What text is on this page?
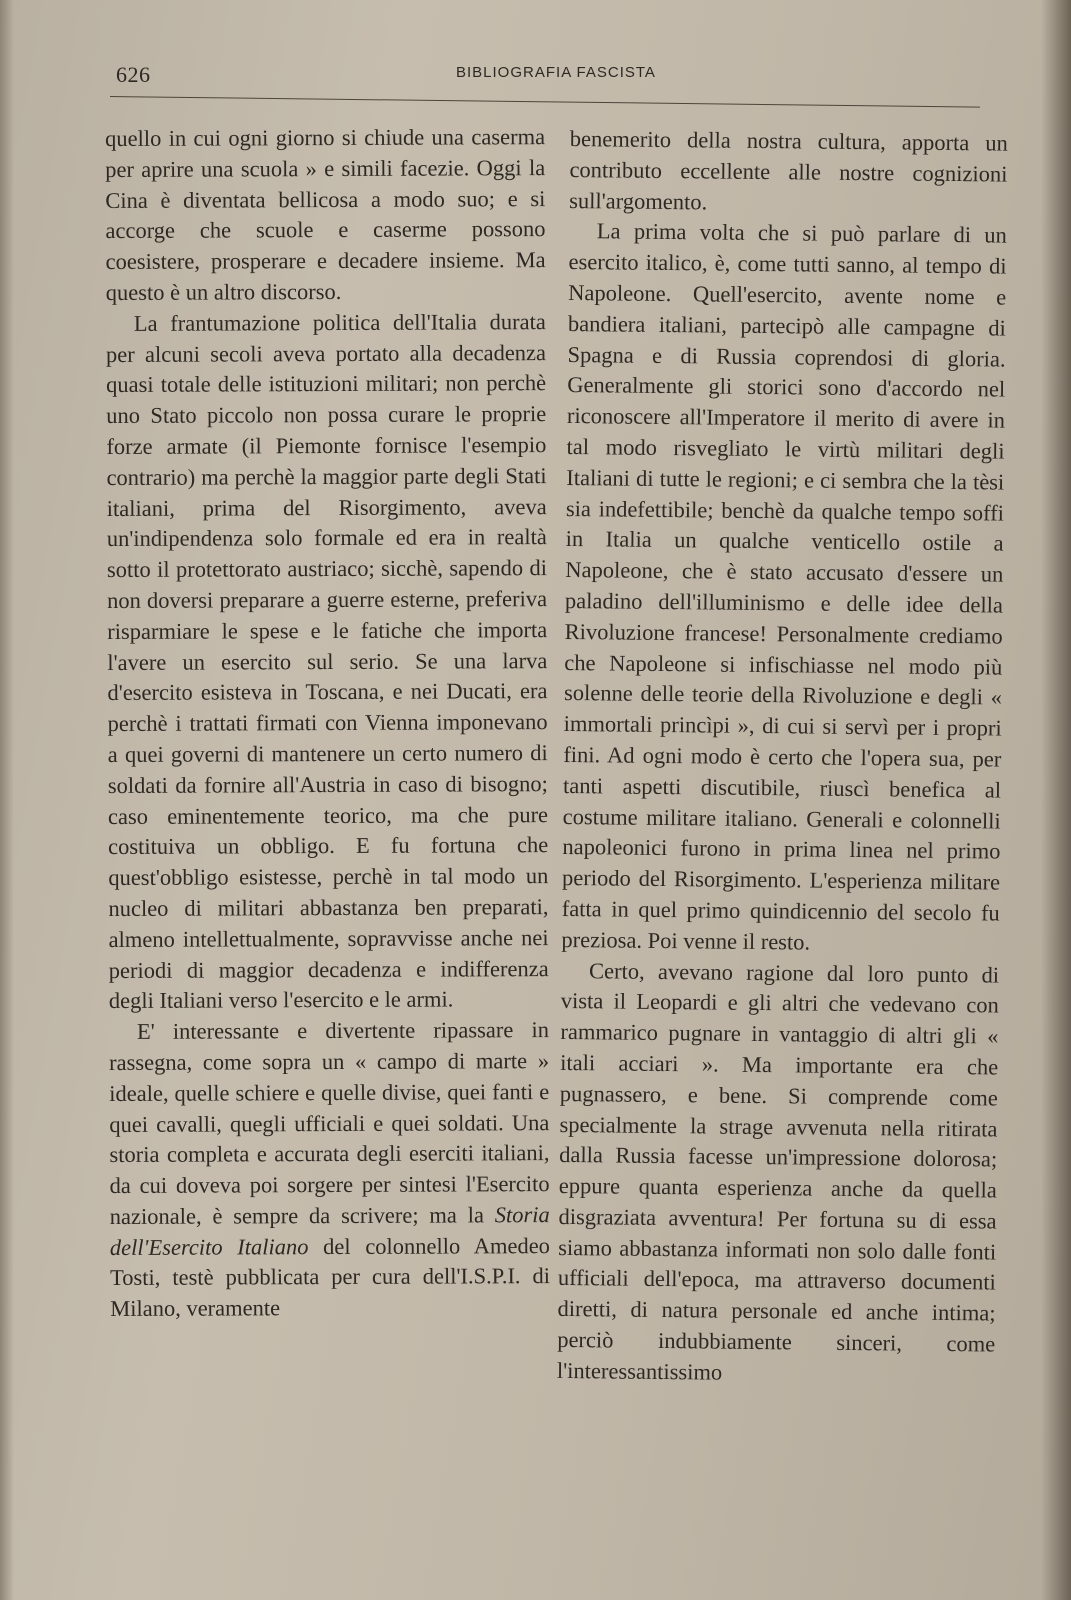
626	BIBLIOGRAFIA FASCISTA

quello in cui ogni giorno si chiude una caserma per aprire una scuola » e simili facezie. Oggi la Cina è diventata bellicosa a modo suo; e si accorge che scuole e caserme possono coesistere, prosperare e decadere insieme. Ma questo è un altro discorso.

La frantumazione politica dell'Italia durata per alcuni secoli aveva portato alla decadenza quasi totale delle istituzioni militari; non perchè uno Stato piccolo non possa curare le proprie forze armate (il Piemonte fornisce l'esempio contrario) ma perchè la maggior parte degli Stati italiani, prima del Risorgimento, aveva un'indipendenza solo formale ed era in realtà sotto il protettorato austriaco; sicchè, sapendo di non doversi preparare a guerre esterne, preferiva risparmiare le spese e le fatiche che importa l'avere un esercito sul serio. Se una larva d'esercito esisteva in Toscana, e nei Ducati, era perchè i trattati firmati con Vienna imponevano a quei governi di mantenere un certo numero di soldati da fornire all'Austria in caso di bisogno; caso eminentemente teorico, ma che pure costituiva un obbligo. E fu fortuna che quest'obbligo esistesse, perchè in tal modo un nucleo di militari abbastanza ben preparati, almeno intellettualmente, sopravvisse anche nei periodi di maggior decadenza e indifferenza degli Italiani verso l'esercito e le armi.

E' interessante e divertente ripassare in rassegna, come sopra un « campo di marte » ideale, quelle schiere e quelle divise, quei fanti e quei cavalli, quegli ufficiali e quei soldati. Una storia completa e accurata degli eserciti italiani, da cui doveva poi sorgere per sintesi l'Esercito nazionale, è sempre da scrivere; ma la Storia dell'Esercito Italiano del colonnello Amedeo Tosti, testè pubblicata per cura dell'I.S.P.I. di Milano, veramente

benemerito della nostra cultura, apporta un contributo eccellente alle nostre cognizioni sull'argomento.

La prima volta che si può parlare di un esercito italico, è, come tutti sanno, al tempo di Napoleone. Quell'esercito, avente nome e bandiera italiani, partecipò alle campagne di Spagna e di Russia coprendosi di gloria. Generalmente gli storici sono d'accordo nel riconoscere all'Imperatore il merito di avere in tal modo risvegliato le virtù militari degli Italiani di tutte le regioni; e ci sembra che la tèsi sia indefettibile; benchè da qualche tempo soffi in Italia un qualche venticello ostile a Napoleone, che è stato accusato d'essere un paladino dell'illuminismo e delle idee della Rivoluzione francese! Personalmente crediamo che Napoleone si infischiasse nel modo più solenne delle teorie della Rivoluzione e degli « immortali princìpi », di cui si servì per i propri fini. Ad ogni modo è certo che l'opera sua, per tanti aspetti discutibile, riuscì benefica al costume militare italiano. Generali e colonnelli napoleonici furono in prima linea nel primo periodo del Risorgimento. L'esperienza militare fatta in quel primo quindicennio del secolo fu preziosa. Poi venne il resto.

Certo, avevano ragione dal loro punto di vista il Leopardi e gli altri che vedevano con rammarico pugnare in vantaggio di altri gli « itali acciari ». Ma importante era che pugnassero, e bene. Si comprende come specialmente la strage avvenuta nella ritirata dalla Russia facesse un'impressione dolorosa; eppure quanta esperienza anche da quella disgraziata avventura! Per fortuna su di essa siamo abbastanza informati non solo dalle fonti ufficiali dell'epoca, ma attraverso documenti diretti, di natura personale ed anche intima; perciò indubbiamente sinceri, come l'interessantissimo
